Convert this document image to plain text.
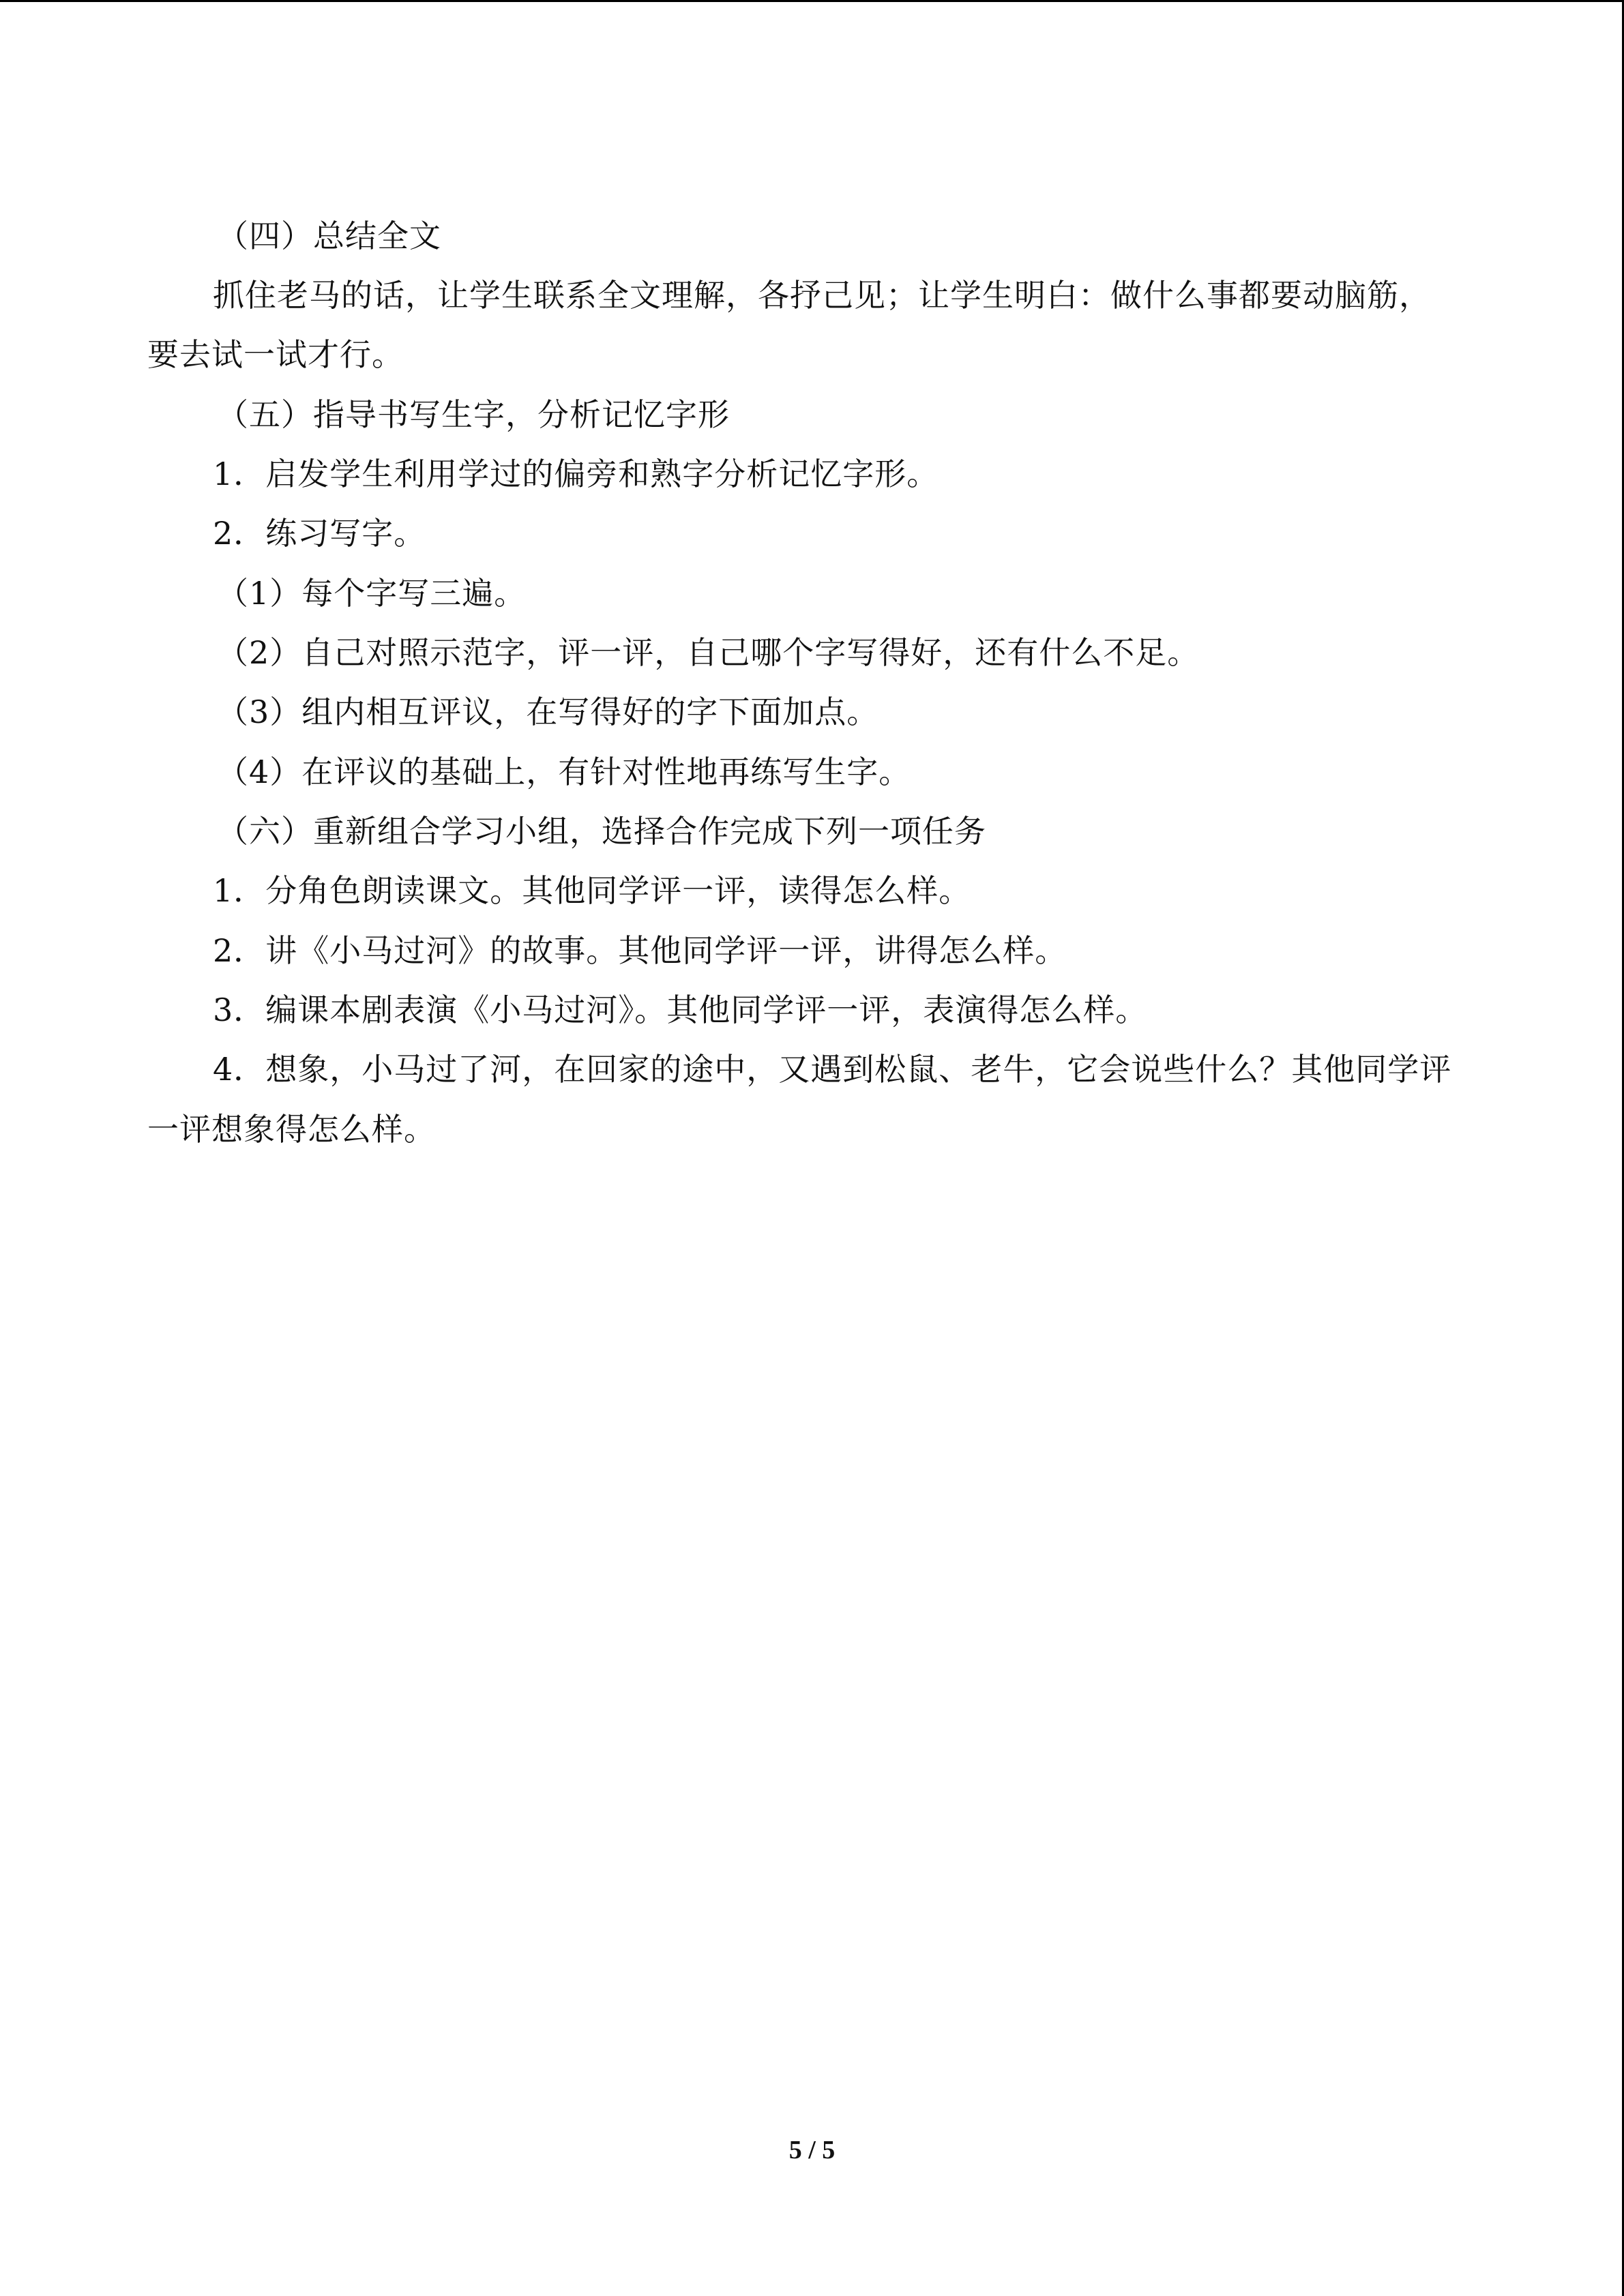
（四）总结全文

抓住老马的话，让学生联系全文理解，各抒己见；让学生明白：做什么事都要动脑筋，

要去试一试才行。

（五）指导书写生字，分析记忆字形

1．启发学生利用学过的偏旁和熟字分析记忆字形。

2．练习写字。

（1）每个字写三遍。

（2）自己对照示范字，评一评，自己哪个字写得好，还有什么不足。

（3）组内相互评议，在写得好的字下面加点。

（4）在评议的基础上，有针对性地再练写生字。

（六）重新组合学习小组，选择合作完成下列一项任务

1．分角色朗读课文。其他同学评一评，读得怎么样。

2．讲《小马过河》的故事。其他同学评一评，讲得怎么样。

3．编课本剧表演《小马过河》。其他同学评一评，表演得怎么样。

4．想象，小马过了河，在回家的途中，又遇到松鼠、老牛，它会说些什么？其他同学评

一评想象得怎么样。

5 / 5
